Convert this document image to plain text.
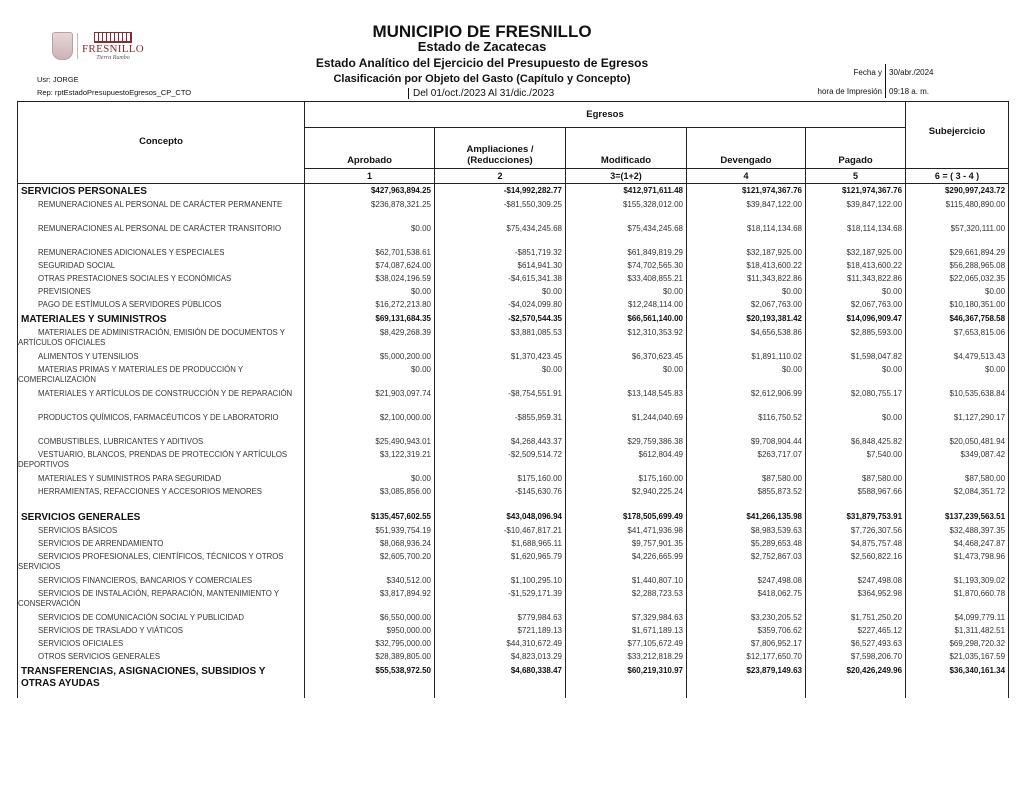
FRESNILLO
Tierra Rumbo
MUNICIPIO DE FRESNILLO
Estado de Zacatecas
Estado Analítico del Ejercicio del Presupuesto de Egresos
Clasificación por Objeto del Gasto (Capítulo y Concepto)
Del 01/oct./2023 Al 31/dic./2023
Usr: JORGE
Rep: rptEstadoPresupuestoEgresos_CP_CTO
Fecha y
hora de Impresión
30/abr./2024
09:18 a. m.
Concepto	Egresos					Subejercicio
	Aprobado	Ampliaciones / (Reducciones)	Modificado	Devengado	Pagado	
	1	2	3=(1+2)	4	5	6 = ( 3 - 4 )
SERVICIOS PERSONALES	$427,963,894.25	-$14,992,282.77	$412,971,611.48	$121,974,367.76	$121,974,367.76	$290,997,243.72
REMUNERACIONES AL PERSONAL DE CARÁCTER PERMANENTE	$236,878,321.25	-$81,550,309.25	$155,328,012.00	$39,847,122.00	$39,847,122.00	$115,480,890.00
REMUNERACIONES AL PERSONAL DE CARÁCTER TRANSITORIO	$0.00	$75,434,245.68	$75,434,245.68	$18,114,134.68	$18,114,134.68	$57,320,111.00
REMUNERACIONES ADICIONALES Y ESPECIALES	$62,701,538.61	-$851,719.32	$61,849,819.29	$32,187,925.00	$32,187,925.00	$29,661,894.29
SEGURIDAD SOCIAL	$74,087,624.00	$614,941.30	$74,702,565.30	$18,413,600.22	$18,413,600.22	$56,288,965.08
OTRAS PRESTACIONES SOCIALES Y ECONÓMICAS	$38,024,196.59	-$4,615,341.38	$33,408,855.21	$11,343,822.86	$11,343,822.86	$22,065,032.35
PREVISIONES	$0.00	$0.00	$0.00	$0.00	$0.00	$0.00
PAGO DE ESTÍMULOS A SERVIDORES PÚBLICOS	$16,272,213.80	-$4,024,099.80	$12,248,114.00	$2,067,763.00	$2,067,763.00	$10,180,351.00
MATERIALES Y SUMINISTROS	$69,131,684.35	-$2,570,544.35	$66,561,140.00	$20,193,381.42	$14,096,909.47	$46,367,758.58
MATERIALES DE ADMINISTRACIÓN, EMISIÓN DE DOCUMENTOS Y ARTÍCULOS OFICIALES	$8,429,268.39	$3,881,085.53	$12,310,353.92	$4,656,538.86	$2,885,593.00	$7,653,815.06
ALIMENTOS Y UTENSILIOS	$5,000,200.00	$1,370,423.45	$6,370,623.45	$1,891,110.02	$1,598,047.82	$4,479,513.43
MATERIAS PRIMAS Y MATERIALES DE PRODUCCIÓN Y COMERCIALIZACIÓN	$0.00	$0.00	$0.00	$0.00	$0.00	$0.00
MATERIALES Y ARTÍCULOS DE CONSTRUCCIÓN Y DE REPARACIÓN	$21,903,097.74	-$8,754,551.91	$13,148,545.83	$2,612,906.99	$2,080,755.17	$10,535,638.84
PRODUCTOS QUÍMICOS, FARMACÉUTICOS Y DE LABORATORIO	$2,100,000.00	-$855,959.31	$1,244,040.69	$116,750.52	$0.00	$1,127,290.17
COMBUSTIBLES, LUBRICANTES Y ADITIVOS	$25,490,943.01	$4,268,443.37	$29,759,386.38	$9,708,904.44	$6,848,425.82	$20,050,481.94
VESTUARIO, BLANCOS, PRENDAS DE PROTECCIÓN Y ARTÍCULOS DEPORTIVOS	$3,122,319.21	-$2,509,514.72	$612,804.49	$263,717.07	$7,540.00	$349,087.42
MATERIALES Y SUMINISTROS PARA SEGURIDAD	$0.00	$175,160.00	$175,160.00	$87,580.00	$87,580.00	$87,580.00
HERRAMIENTAS, REFACCIONES Y ACCESORIOS MENORES	$3,085,856.00	-$145,630.76	$2,940,225.24	$855,873.52	$588,967.66	$2,084,351.72
SERVICIOS GENERALES	$135,457,602.55	$43,048,096.94	$178,505,699.49	$41,266,135.98	$31,879,753.91	$137,239,563.51
SERVICIOS BÁSICOS	$51,939,754.19	-$10,467,817.21	$41,471,936.98	$8,983,539.63	$7,726,307.56	$32,488,397.35
SERVICIOS DE ARRENDAMIENTO	$8,068,936.24	$1,688,965.11	$9,757,901.35	$5,289,653.48	$4,875,757.48	$4,468,247.87
SERVICIOS PROFESIONALES, CIENTÍFICOS, TÉCNICOS Y OTROS SERVICIOS	$2,605,700.20	$1,620,965.79	$4,226,665.99	$2,752,867.03	$2,560,822.16	$1,473,798.96
SERVICIOS FINANCIEROS, BANCARIOS Y COMERCIALES	$340,512.00	$1,100,295.10	$1,440,807.10	$247,498.08	$247,498.08	$1,193,309.02
SERVICIOS DE INSTALACIÓN, REPARACIÓN, MANTENIMIENTO Y CONSERVACIÓN	$3,817,894.92	-$1,529,171.39	$2,288,723.53	$418,062.75	$364,952.98	$1,870,660.78
SERVICIOS DE COMUNICACIÓN SOCIAL Y PUBLICIDAD	$6,550,000.00	$779,984.63	$7,329,984.63	$3,230,205.52	$1,751,250.20	$4,099,779.11
SERVICIOS DE TRASLADO Y VIÁTICOS	$950,000.00	$721,189.13	$1,671,189.13	$359,706.62	$227,465.12	$1,311,482.51
SERVICIOS OFICIALES	$32,795,000.00	$44,310,672.49	$77,105,672.49	$7,806,952.17	$6,527,493.63	$69,298,720.32
OTROS SERVICIOS GENERALES	$28,389,805.00	$4,823,013.29	$33,212,818.29	$12,177,650.70	$7,598,206.70	$21,035,167.59
TRANSFERENCIAS, ASIGNACIONES, SUBSIDIOS Y OTRAS AYUDAS	$55,538,972.50	$4,680,338.47	$60,219,310.97	$23,879,149.63	$20,426,249.96	$36,340,161.34
